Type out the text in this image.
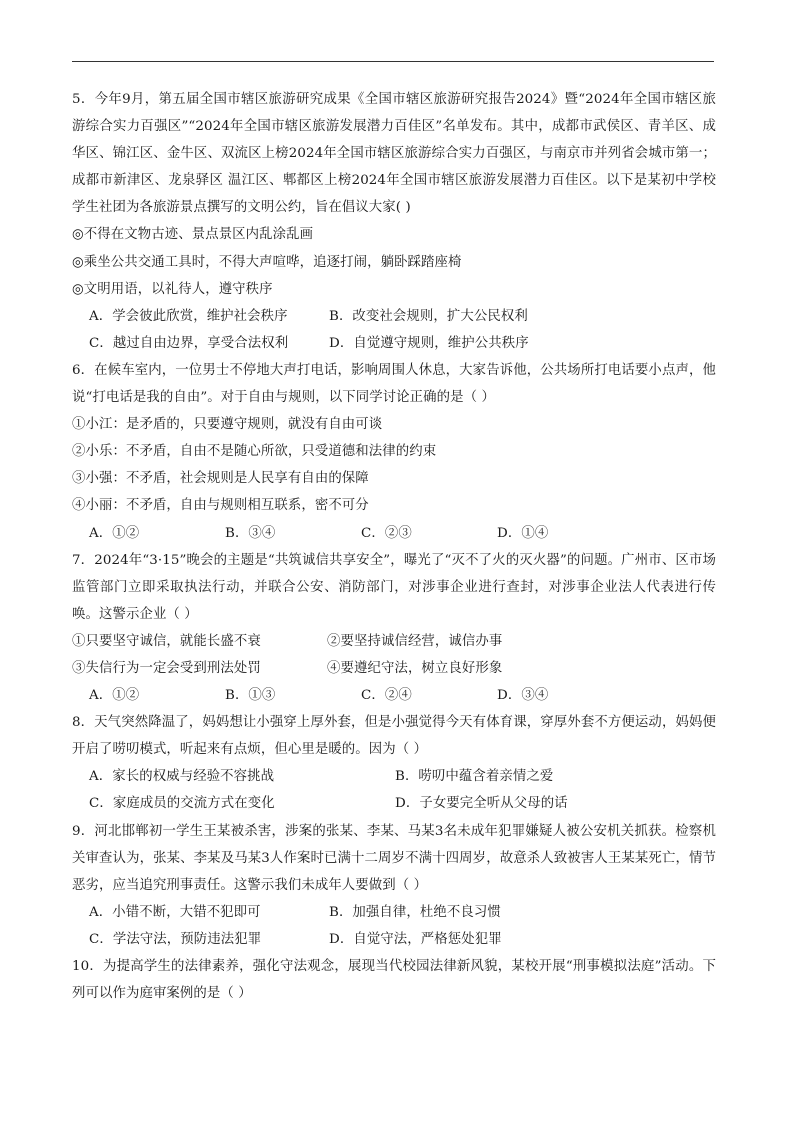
5．今年9月，第五届全国市辖区旅游研究成果《全国市辖区旅游研究报告2024》暨“2024年全国市辖区旅游综合实力百强区”“2024年全国市辖区旅游发展潜力百佳区”名单发布。其中，成都市武侯区、青羊区、成华区、锦江区、金牛区、双流区上榜2024年全国市辖区旅游综合实力百强区，与南京市并列省会城市第一；成都市新津区、龙泉驿区 温江区、郫都区上榜2024年全国市辖区旅游发展潜力百佳区。以下是某初中学校学生社团为各旅游景点撰写的文明公约，旨在倡议大家( )

◎不得在文物古迹、景点景区内乱涂乱画

◎乘坐公共交通工具时，不得大声喧哗，追逐打闹，躺卧踩踏座椅

◎文明用语，以礼待人，遵守秩序

A．学会彼此欣赏，维护社会秩序	B．改变社会规则，扩大公民权利

C．越过自由边界，享受合法权利	D．自觉遵守规则，维护公共秩序

6．在候车室内，一位男士不停地大声打电话，影响周围人休息，大家告诉他，公共场所打电话要小点声，他说“打电话是我的自由”。对于自由与规则，以下同学讨论正确的是（ ）

①小江：是矛盾的，只要遵守规则，就没有自由可谈

②小乐：不矛盾，自由不是随心所欲，只受道德和法律的约束

③小强：不矛盾，社会规则是人民享有自由的保障

④小丽：不矛盾，自由与规则相互联系，密不可分

A．①②	B．③④	C．②③	D．①④

7．2024年“3·15”晚会的主题是“共筑诚信共享安全”，曝光了“灭不了火的灭火器”的问题。广州市、区市场监管部门立即采取执法行动，并联合公安、消防部门，对涉事企业进行查封，对涉事企业法人代表进行传唤。这警示企业（ ）

①只要坚守诚信，就能长盛不衰	②要坚持诚信经营，诚信办事

③失信行为一定会受到刑法处罚	④要遵纪守法，树立良好形象

A．①②	B．①③	C．②④	D．③④

8．天气突然降温了，妈妈想让小强穿上厚外套，但是小强觉得今天有体育课，穿厚外套不方便运动，妈妈便开启了唠叨模式，听起来有点烦，但心里是暖的。因为（ ）

A．家长的权威与经验不容挑战	B．唠叨中蕴含着亲情之爱

C．家庭成员的交流方式在变化	D．子女要完全听从父母的话

9．河北邯郸初一学生王某被杀害，涉案的张某、李某、马某3名未成年犯罪嫌疑人被公安机关抓获。检察机关审查认为，张某、李某及马某3人作案时已满十二周岁不满十四周岁，故意杀人致被害人王某某死亡，情节恶劣，应当追究刑事责任。这警示我们未成年人要做到（ ）

A．小错不断，大错不犯即可	B．加强自律，杜绝不良习惯

C．学法守法，预防违法犯罪	D．自觉守法，严格惩处犯罪

10．为提高学生的法律素养，强化守法观念，展现当代校园法律新风貌，某校开展“刑事模拟法庭”活动。下列可以作为庭审案例的是（ ）
